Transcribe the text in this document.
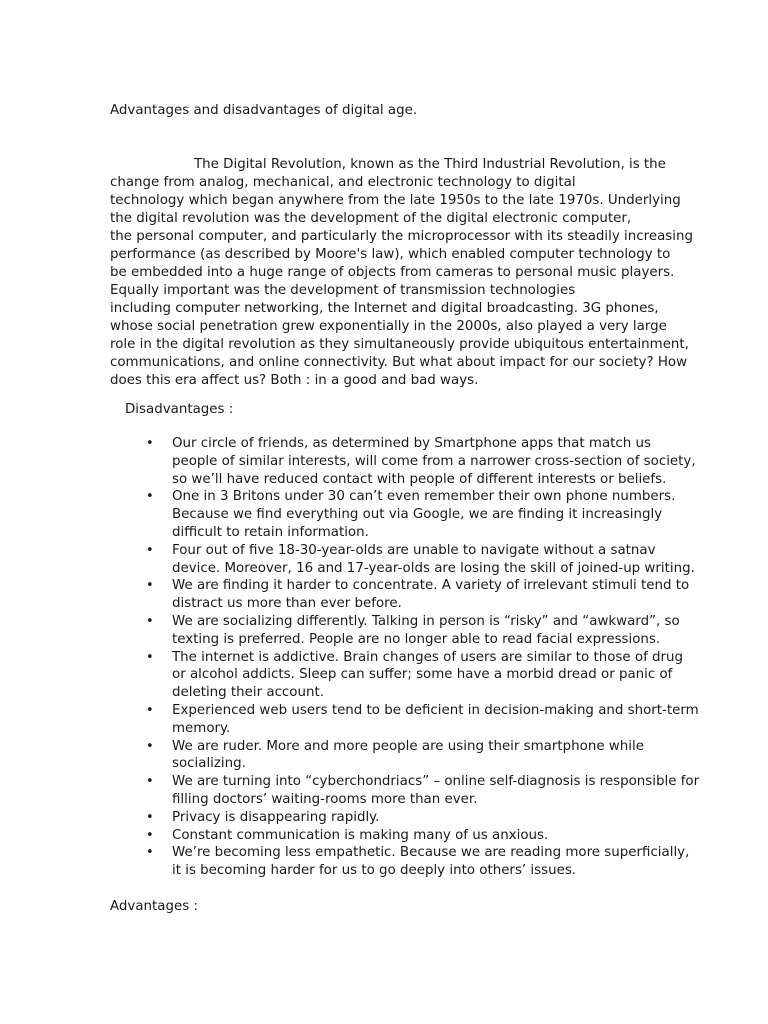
Advantages and disadvantages of digital age.
The Digital Revolution, known as the Third Industrial Revolution, is the
change from analog, mechanical, and electronic technology to digital
technology which began anywhere from the late 1950s to the late 1970s. Underlying
the digital revolution was the development of the digital electronic computer,
the personal computer, and particularly the microprocessor with its steadily increasing
performance (as described by Moore's law), which enabled computer technology to
be embedded into a huge range of objects from cameras to personal music players.
Equally important was the development of transmission technologies
including computer networking, the Internet and digital broadcasting. 3G phones,
whose social penetration grew exponentially in the 2000s, also played a very large
role in the digital revolution as they simultaneously provide ubiquitous entertainment,
communications, and online connectivity. But what about impact for our society? How
does this era affect us? Both : in a good and bad ways.
Disadvantages :
• Our circle of friends, as determined by Smartphone apps that match us
people of similar interests, will come from a narrower cross-section of society,
so we’ll have reduced contact with people of different interests or beliefs.
• One in 3 Britons under 30 can’t even remember their own phone numbers.
Because we find everything out via Google, we are finding it increasingly
difficult to retain information.
• Four out of five 18-30-year-olds are unable to navigate without a satnav
device. Moreover, 16 and 17-year-olds are losing the skill of joined-up writing.
• We are finding it harder to concentrate. A variety of irrelevant stimuli tend to
distract us more than ever before.
• We are socializing differently. Talking in person is “risky” and “awkward”, so
texting is preferred. People are no longer able to read facial expressions.
• The internet is addictive. Brain changes of users are similar to those of drug
or alcohol addicts. Sleep can suffer; some have a morbid dread or panic of
deleting their account.
• Experienced web users tend to be deficient in decision-making and short-term
memory.
• We are ruder. More and more people are using their smartphone while
socializing.
• We are turning into “cyberchondriacs” – online self-diagnosis is responsible for
filling doctors’ waiting-rooms more than ever.
• Privacy is disappearing rapidly.
• Constant communication is making many of us anxious.
• We’re becoming less empathetic. Because we are reading more superficially,
it is becoming harder for us to go deeply into others’ issues.
Advantages :
